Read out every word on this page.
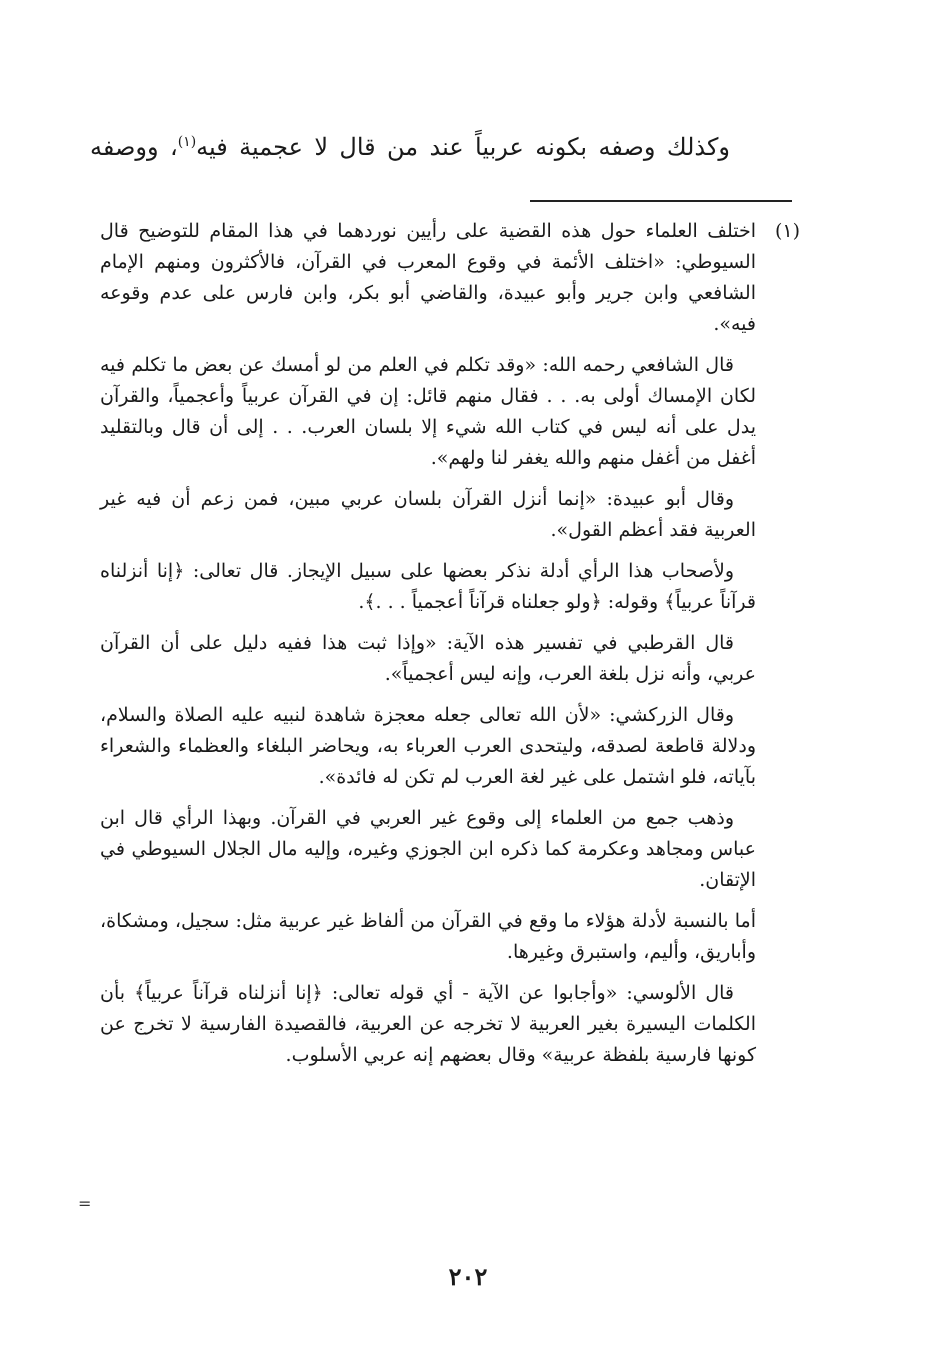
وكذلك وصفه بكونه عربياً عند من قال لا عجمية فيه$^{(١)}$، ووصفه
(١)

اختلف العلماء حول هذه القضية على رأيين نوردهما في هذا المقام للتوضيح قال السيوطي: «اختلف الأئمة في وقوع المعرب في القرآن، فالأكثرون ومنهم الإمام الشافعي وابن جرير وأبو عبيدة، والقاضي أبو بكر، وابن فارس على عدم وقوعه فيه».

قال الشافعي رحمه الله: «وقد تكلم في العلم من لو أمسك عن بعض ما تكلم فيه لكان الإمساك أولى به. . . فقال منهم قائل: إن في القرآن عربياً وأعجمياً، والقرآن يدل على أنه ليس في كتاب الله شيء إلا بلسان العرب. . . إلى أن قال وبالتقليد أغفل من أغفل منهم والله يغفر لنا ولهم».

وقال أبو عبيدة: «إنما أنزل القرآن بلسان عربي مبين، فمن زعم أن فيه غير العربية فقد أعظم القول».

ولأصحاب هذا الرأي أدلة نذكر بعضها على سبيل الإيجاز. قال تعالى: ﴿إنا أنزلناه قرآناً عربياً﴾ وقوله: ﴿ولو جعلناه قرآناً أعجمياً . . .﴾.

قال القرطبي في تفسير هذه الآية: «وإذا ثبت هذا ففيه دليل على أن القرآن عربي، وأنه نزل بلغة العرب، وإنه ليس أعجمياً».

وقال الزركشي: «لأن الله تعالى جعله معجزة شاهدة لنبيه عليه الصلاة والسلام، ودلالة قاطعة لصدقه، وليتحدى العرب العرباء به، ويحاضر البلغاء والعظماء والشعراء بآياته، فلو اشتمل على غير لغة العرب لم تكن له فائدة».

وذهب جمع من العلماء إلى وقوع غير العربي في القرآن. وبهذا الرأي قال ابن عباس ومجاهد وعكرمة كما ذكره ابن الجوزي وغيره، وإليه مال الجلال السيوطي في الإتقان.

أما بالنسبة لأدلة هؤلاء ما وقع في القرآن من ألفاظ غير عربية مثل: سجيل، ومشكاة، وأباريق، وأليم، واستبرق وغيرها.

قال الألوسي: «وأجابوا عن الآية - أي قوله تعالى: ﴿إنا أنزلناه قرآناً عربياً﴾ بأن الكلمات اليسيرة بغير العربية لا تخرجه عن العربية، فالقصيدة الفارسية لا تخرج عن كونها فارسية بلفظة عربية» وقال بعضهم إنه عربي الأسلوب.

=
٢٠٢
